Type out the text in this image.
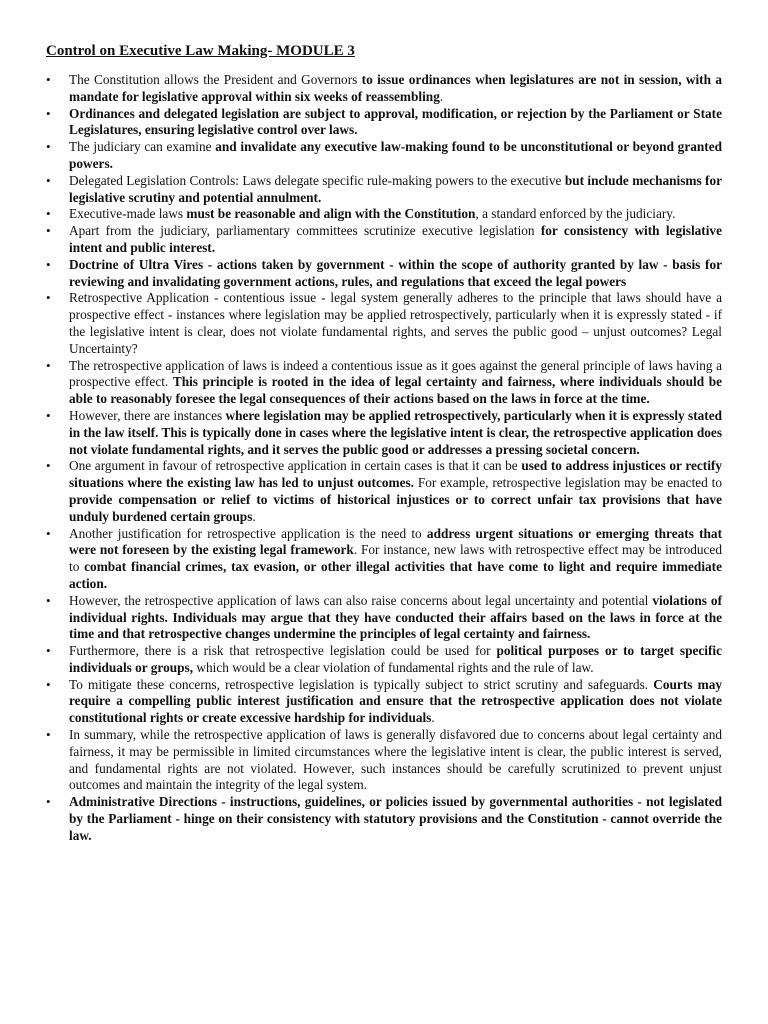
Control on Executive Law Making- MODULE 3
• The Constitution allows the President and Governors to issue ordinances when legislatures are not in session, with a mandate for legislative approval within six weeks of reassembling.
• Ordinances and delegated legislation are subject to approval, modification, or rejection by the Parliament or State Legislatures, ensuring legislative control over laws.
• The judiciary can examine and invalidate any executive law-making found to be unconstitutional or beyond granted powers.
• Delegated Legislation Controls: Laws delegate specific rule-making powers to the executive but include mechanisms for legislative scrutiny and potential annulment.
• Executive-made laws must be reasonable and align with the Constitution, a standard enforced by the judiciary.
• Apart from the judiciary, parliamentary committees scrutinize executive legislation for consistency with legislative intent and public interest.
• Doctrine of Ultra Vires - actions taken by government - within the scope of authority granted by law - basis for reviewing and invalidating government actions, rules, and regulations that exceed the legal powers
• Retrospective Application - contentious issue - legal system generally adheres to the principle that laws should have a prospective effect - instances where legislation may be applied retrospectively, particularly when it is expressly stated - if the legislative intent is clear, does not violate fundamental rights, and serves the public good – unjust outcomes? Legal Uncertainty?
• The retrospective application of laws is indeed a contentious issue as it goes against the general principle of laws having a prospective effect. This principle is rooted in the idea of legal certainty and fairness, where individuals should be able to reasonably foresee the legal consequences of their actions based on the laws in force at the time.
• However, there are instances where legislation may be applied retrospectively, particularly when it is expressly stated in the law itself. This is typically done in cases where the legislative intent is clear, the retrospective application does not violate fundamental rights, and it serves the public good or addresses a pressing societal concern.
• One argument in favour of retrospective application in certain cases is that it can be used to address injustices or rectify situations where the existing law has led to unjust outcomes. For example, retrospective legislation may be enacted to provide compensation or relief to victims of historical injustices or to correct unfair tax provisions that have unduly burdened certain groups.
• Another justification for retrospective application is the need to address urgent situations or emerging threats that were not foreseen by the existing legal framework. For instance, new laws with retrospective effect may be introduced to combat financial crimes, tax evasion, or other illegal activities that have come to light and require immediate action.
• However, the retrospective application of laws can also raise concerns about legal uncertainty and potential violations of individual rights. Individuals may argue that they have conducted their affairs based on the laws in force at the time and that retrospective changes undermine the principles of legal certainty and fairness.
• Furthermore, there is a risk that retrospective legislation could be used for political purposes or to target specific individuals or groups, which would be a clear violation of fundamental rights and the rule of law.
• To mitigate these concerns, retrospective legislation is typically subject to strict scrutiny and safeguards. Courts may require a compelling public interest justification and ensure that the retrospective application does not violate constitutional rights or create excessive hardship for individuals.
• In summary, while the retrospective application of laws is generally disfavored due to concerns about legal certainty and fairness, it may be permissible in limited circumstances where the legislative intent is clear, the public interest is served, and fundamental rights are not violated. However, such instances should be carefully scrutinized to prevent unjust outcomes and maintain the integrity of the legal system.
• Administrative Directions - instructions, guidelines, or policies issued by governmental authorities - not legislated by the Parliament - hinge on their consistency with statutory provisions and the Constitution - cannot override the law.
